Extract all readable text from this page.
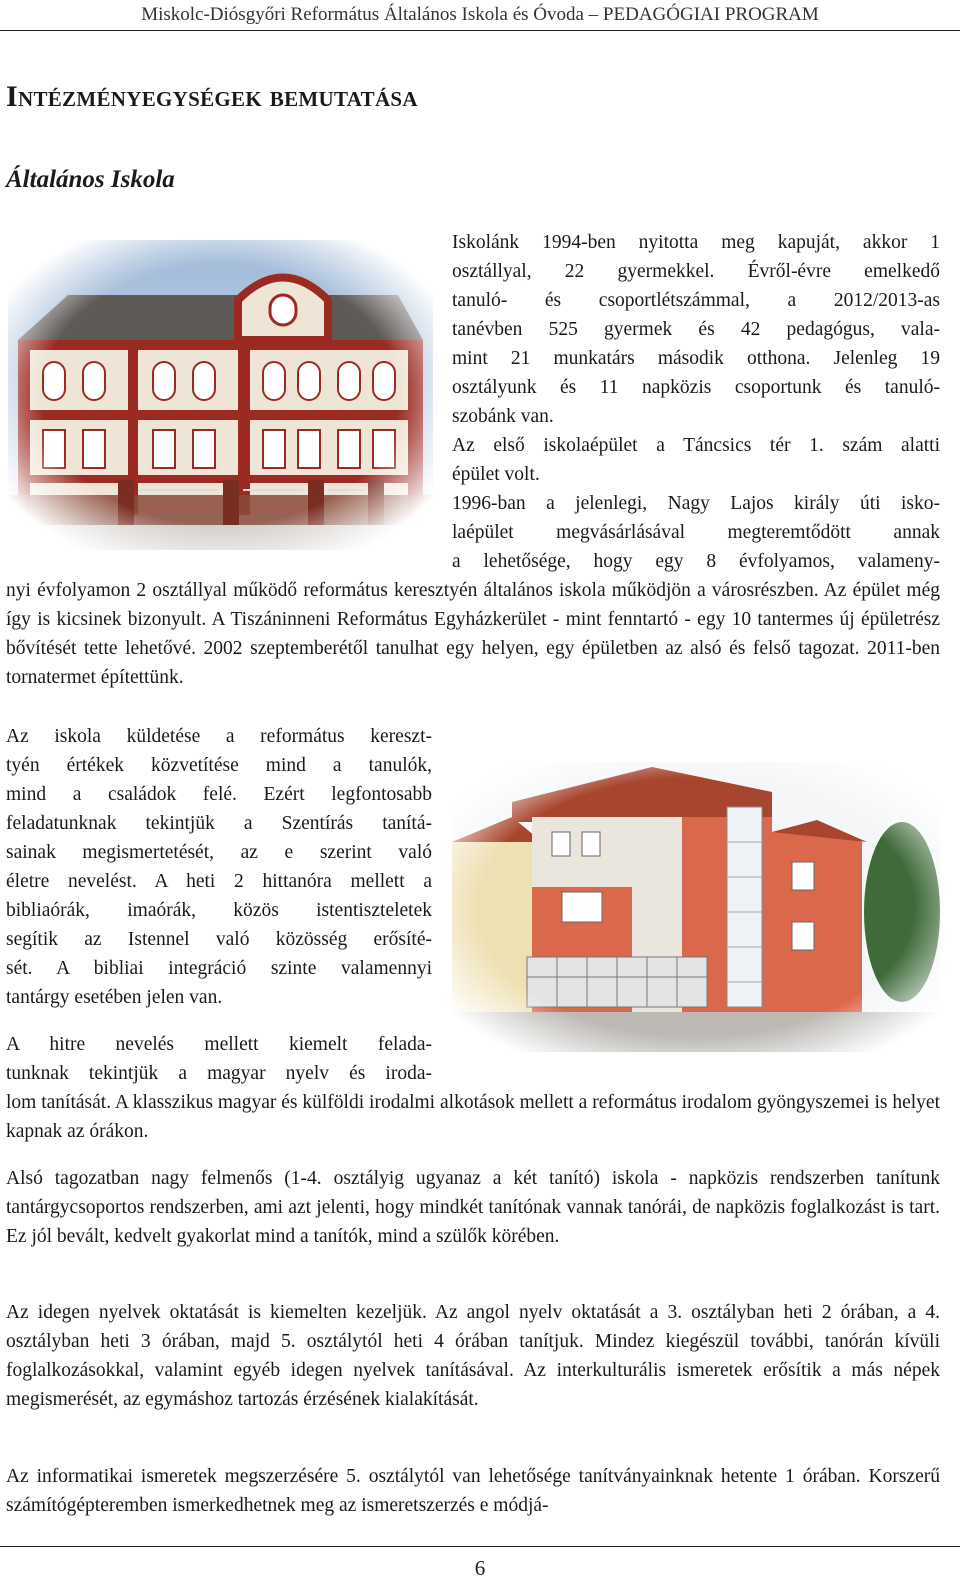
Miskolc-Diósgyőri Református Általános Iskola és Óvoda – PEDAGÓGIAI PROGRAM
Intézményegységek bemutatása
Általános Iskola
Iskolánk 1994-ben nyitotta meg kapuját, akkor 1
osztállyal, 22 gyermekkel. Évről-évre emelkedő
tanuló- és csoportlétszámmal, a 2012/2013-as
tanévben 525 gyermek és 42 pedagógus, vala-
mint 21 munkatárs második otthona. Jelenleg 19
osztályunk és 11 napközis csoportunk és tanuló-
szobánk van.
Az első iskolaépület a Táncsics tér 1. szám alatti
épület volt.
1996-ban a jelenlegi, Nagy Lajos király úti isko-
laépület megvásárlásával megteremtődött annak
a lehetősége, hogy egy 8 évfolyamos, valameny-

nyi évfolyamon 2 osztállyal működő református keresztyén általános iskola működjön a városrészben. Az épület még így is kicsinek bizonyult. A Tiszáninneni Református Egyházkerület - mint fenntartó - egy 10 tantermes új épületrész bővítését tette lehetővé. 2002 szeptemberétől tanulhat egy helyen, egy épületben az alsó és felső tagozat. 2011-ben tornatermet építettünk.

Az iskola küldetése a református kereszt-
tyén értékek közvetítése mind a tanulók,
mind a családok felé. Ezért legfontosabb
feladatunknak tekintjük a Szentírás tanítá-
sainak megismertetését, az e szerint való
életre nevelést. A heti 2 hittanóra mellett a
bibliaórák, imaórák, közös istentiszteletek
segítik az Istennel való közösség erősíté-
sét. A bibliai integráció szinte valamennyi
tantárgy esetében jelen van.
A hitre nevelés mellett kiemelt felada-
tunknak tekintjük a magyar nyelv és iroda-

lom tanítását. A klasszikus magyar és külföldi irodalmi alkotások mellett a református irodalom gyöngyszemei is helyet kapnak az órákon.

Alsó tagozatban nagy felmenős (1-4. osztályig ugyanaz a két tanító) iskola - napközis rendszerben tanítunk tantárgycsoportos rendszerben, ami azt jelenti, hogy mindkét tanítónak vannak tanórái, de napközis foglalkozást is tart. Ez jól bevált, kedvelt gyakorlat mind a tanítók, mind a szülők körében.

Az idegen nyelvek oktatását is kiemelten kezeljük. Az angol nyelv oktatását a 3. osztályban heti 2 órában, a 4. osztályban heti 3 órában, majd 5. osztálytól heti 4 órában tanítjuk. Mindez kiegészül további, tanórán kívüli foglalkozásokkal, valamint egyéb idegen nyelvek tanításával. Az interkulturális ismeretek erősítik a más népek megismerését, az egymáshoz tartozás érzésének kialakítását.

Az informatikai ismeretek megszerzésére 5. osztálytól van lehetősége tanítványainknak hetente 1 órában. Korszerű számítógépteremben ismerkedhetnek meg az ismeretszerzés e módjá-

6
